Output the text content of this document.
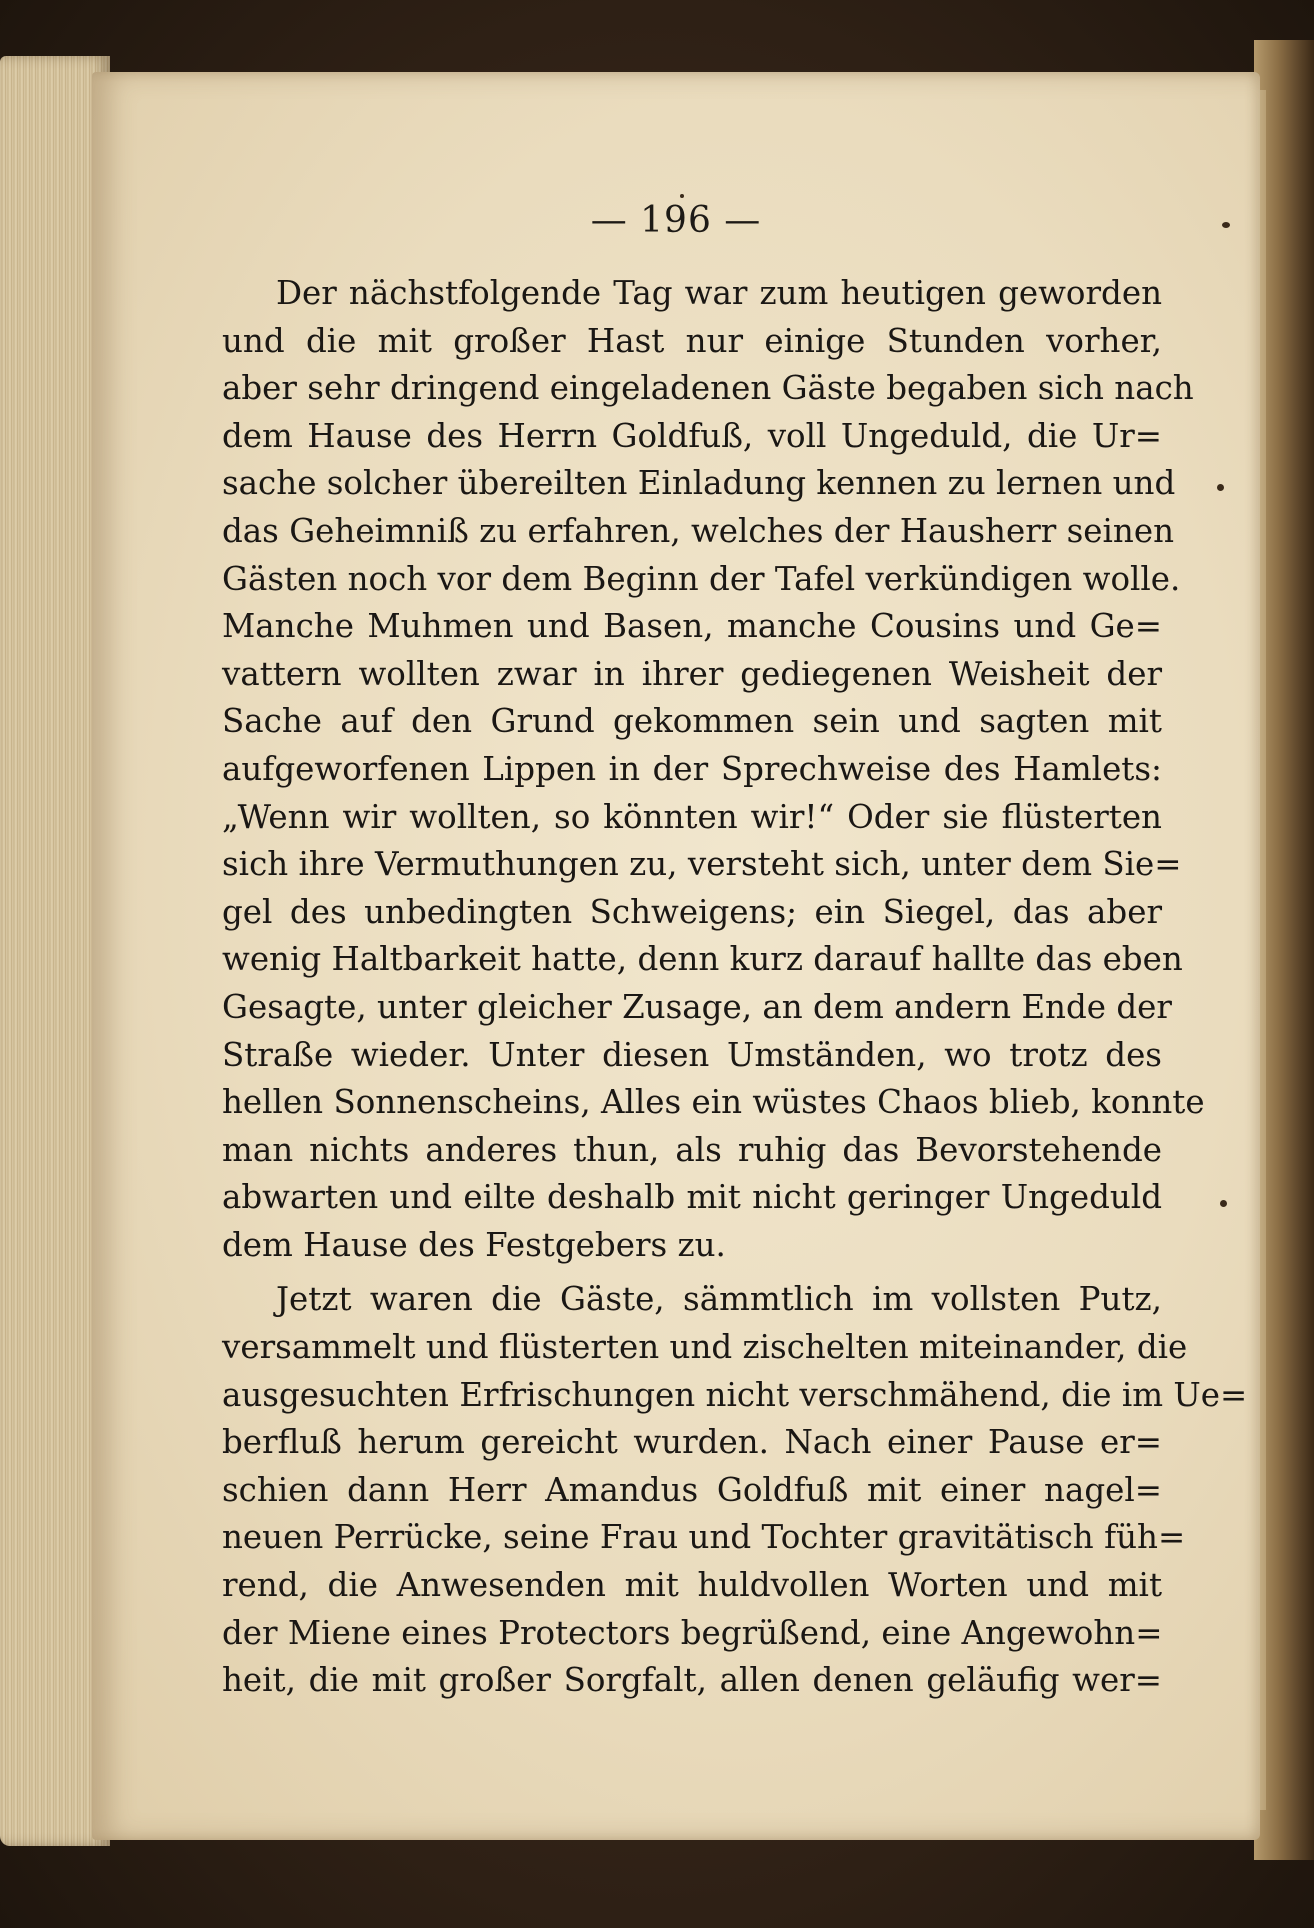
— 196 —
Der nächstfolgende Tag war zum heutigen geworden
und die mit großer Hast nur einige Stunden vorher,
aber sehr dringend eingeladenen Gäste begaben sich nach
dem Hause des Herrn Goldfuß, voll Ungeduld, die Ur=
sache solcher übereilten Einladung kennen zu lernen und
das Geheimniß zu erfahren, welches der Hausherr seinen
Gästen noch vor dem Beginn der Tafel verkündigen wolle.
Manche Muhmen und Basen, manche Cousins und Ge=
vattern wollten zwar in ihrer gediegenen Weisheit der
Sache auf den Grund gekommen sein und sagten mit
aufgeworfenen Lippen in der Sprechweise des Hamlets:
„Wenn wir wollten, so könnten wir!“ Oder sie flüsterten
sich ihre Vermuthungen zu, versteht sich, unter dem Sie=
gel des unbedingten Schweigens; ein Siegel, das aber
wenig Haltbarkeit hatte, denn kurz darauf hallte das eben
Gesagte, unter gleicher Zusage, an dem andern Ende der
Straße wieder. Unter diesen Umständen, wo trotz des
hellen Sonnenscheins, Alles ein wüstes Chaos blieb, konnte
man nichts anderes thun, als ruhig das Bevorstehende
abwarten und eilte deshalb mit nicht geringer Ungeduld
dem Hause des Festgebers zu.
Jetzt waren die Gäste, sämmtlich im vollsten Putz,
versammelt und flüsterten und zischelten miteinander, die
ausgesuchten Erfrischungen nicht verschmähend, die im Ue=
berfluß herum gereicht wurden. Nach einer Pause er=
schien dann Herr Amandus Goldfuß mit einer nagel=
neuen Perrücke, seine Frau und Tochter gravitätisch füh=
rend, die Anwesenden mit huldvollen Worten und mit
der Miene eines Protectors begrüßend, eine Angewohn=
heit, die mit großer Sorgfalt, allen denen geläufig wer=
